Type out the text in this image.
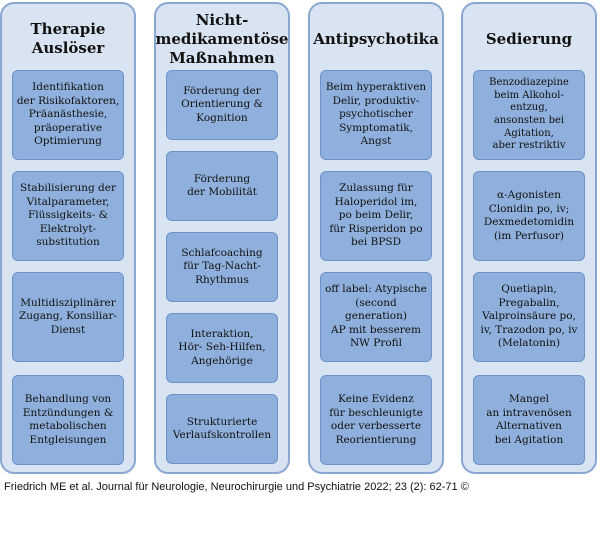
Therapie
Auslöser
Identifikation
der Risikofaktoren,
Präanästhesie,
präoperative
Optimierung
Stabilisierung der
Vitalparameter,
Flüssigkeits- &
Elektrolyt-
substitution
Multidisziplinärer
Zugang, Konsiliar-
Dienst
Behandlung von
Entzündungen &
metabolischen
Entgleisungen
Nicht-
medikamentöse
Maßnahmen
Förderung der
Orientierung &
Kognition
Förderung
der Mobilität
Schlafcoaching
für Tag-Nacht-
Rhythmus
Interaktion,
Hör- Seh-Hilfen,
Angehörige
Strukturierte
Verlaufskontrollen
Antipsychotika
Beim hyperaktiven
Delir, produktiv-
psychotischer
Symptomatik,
Angst
Zulassung für
Haloperidol im,
po beim Delir,
für Risperidon po
bei BPSD
off label: Atypische
(second generation)
AP mit besserem
NW Profil
Keine Evidenz
für beschleunigte
oder verbesserte
Reorientierung
Sedierung
Benzodiazepine
beim Alkohol-
entzug,
ansonsten bei
Agitation,
aber restriktiv
α-Agonisten
Clonidin po, iv;
Dexmedetomidin
(im Perfusor)
Quetiapin,
Pregabalin,
Valproinsäure po,
iv, Trazodon po, iv
(Melatonin)
Mangel
an intravenösen
Alternativen
bei Agitation
Friedrich ME et al. Journal für Neurologie, Neurochirurgie und Psychiatrie 2022; 23 (2): 62-71 ©
